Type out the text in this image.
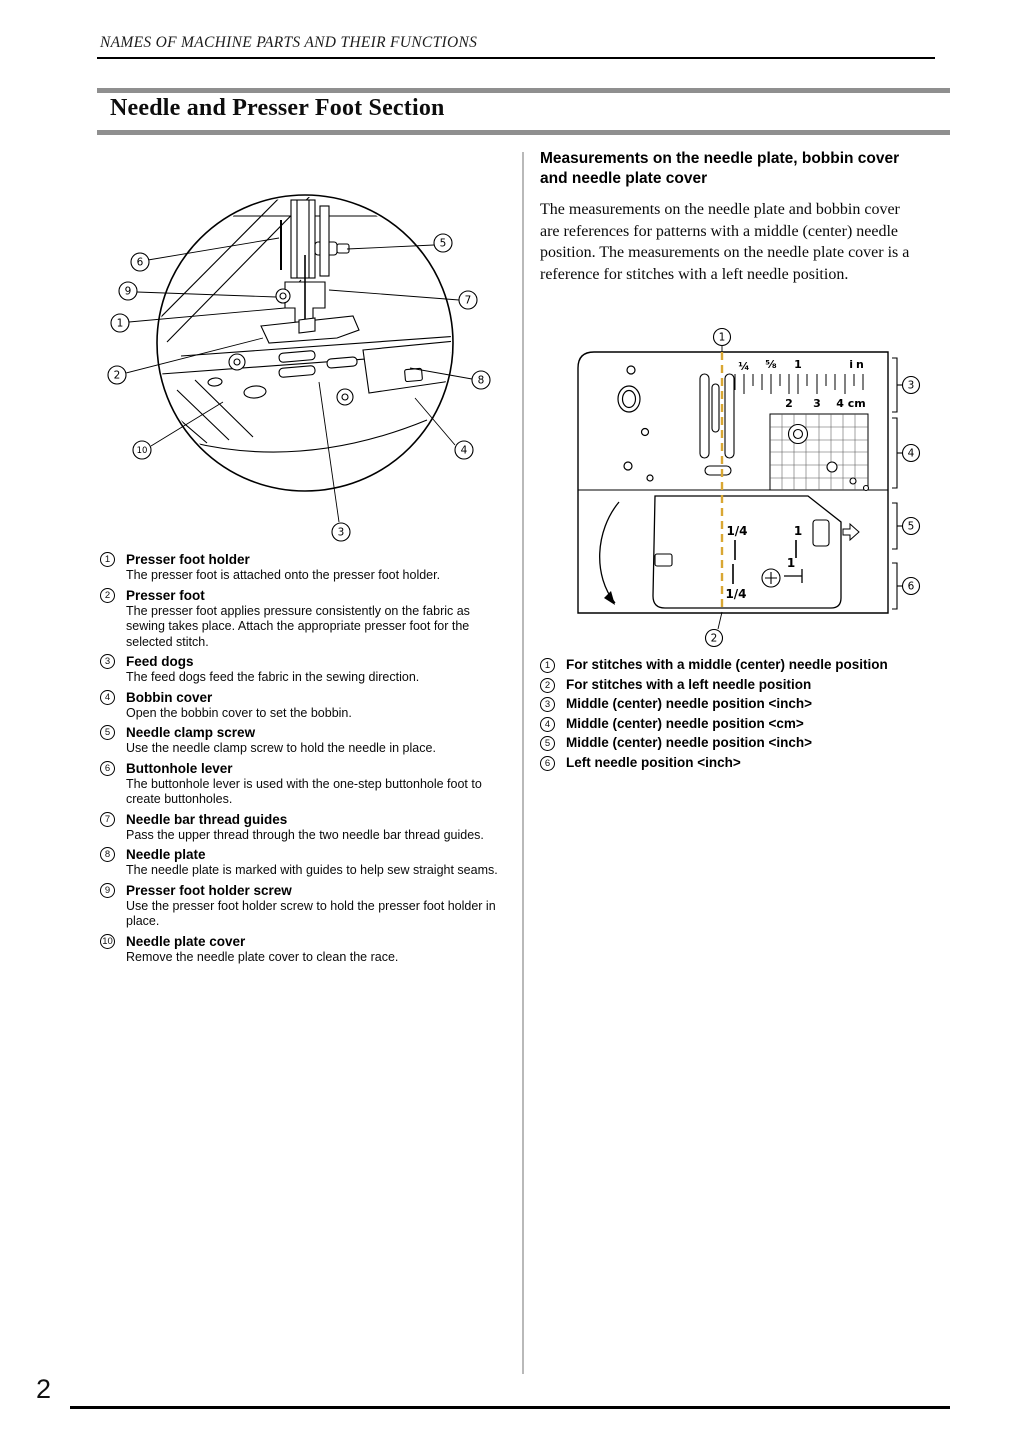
NAMES OF MACHINE PARTS AND THEIR FUNCTIONS
Needle and Presser Foot Section
6
9
1
2
10
5
7
8
4
3
1	Presser foot holder
The presser foot is attached onto the presser foot holder.
2	Presser foot
The presser foot applies pressure consistently on the fabric as sewing takes place. Attach the appropriate presser foot for the selected stitch.
3	Feed dogs
The feed dogs feed the fabric in the sewing direction.
4	Bobbin cover
Open the bobbin cover to set the bobbin.
5	Needle clamp screw
Use the needle clamp screw to hold the needle in place.
6	Buttonhole lever
The buttonhole lever is used with the one-step buttonhole foot to create buttonholes.
7	Needle bar thread guides
Pass the upper thread through the two needle bar thread guides.
8	Needle plate
The needle plate is marked with guides to help sew straight seams.
9	Presser foot holder screw
Use the presser foot holder screw to hold the presser foot holder in place.
10 Needle plate cover
Remove the needle plate cover to clean the race.
Measurements on the needle plate, bobbin cover and needle plate cover
The measurements on the needle plate and bobbin cover are references for patterns with a middle (center) needle position. The measurements on the needle plate cover is a reference for stitches with a left needle position.
¼ ⅝ 1	in
2 3 4 cm
1/4	1
1
1/4
1
2
3
4
5
6
1	For stitches with a middle (center) needle position
2	For stitches with a left needle position
3	Middle (center) needle position <inch>
4	Middle (center) needle position <cm>
5	Middle (center) needle position <inch>
6	Left needle position <inch>
2
